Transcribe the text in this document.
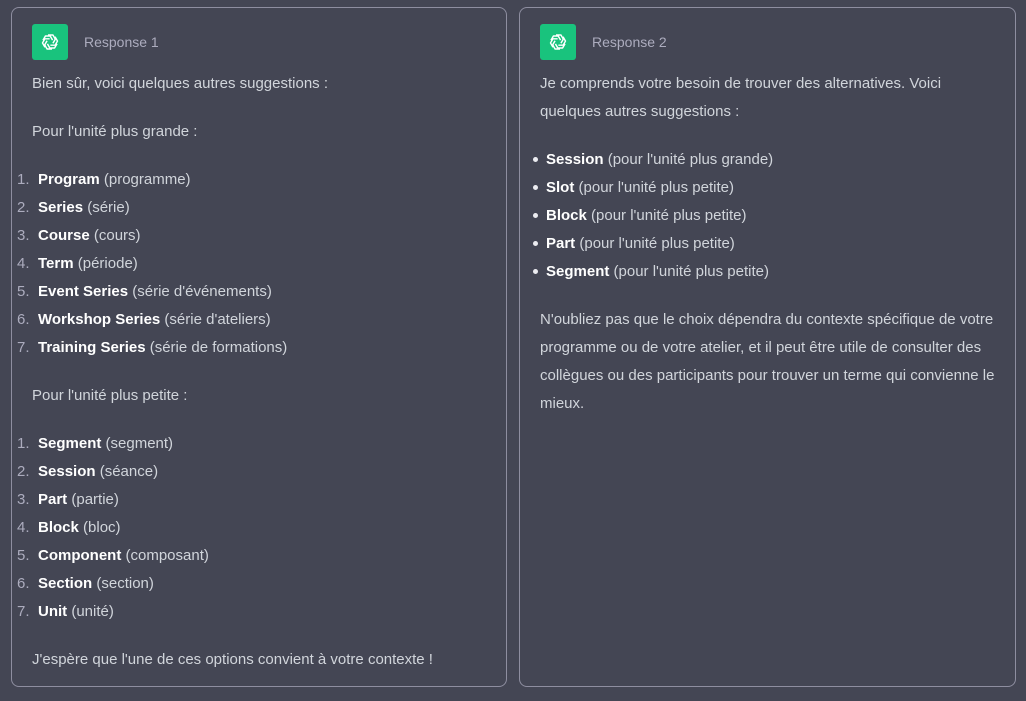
Response 1

Bien sûr, voici quelques autres suggestions :

Pour l'unité plus grande :

1. Program (programme)
2. Series (série)
3. Course (cours)
4. Term (période)
5. Event Series (série d'événements)
6. Workshop Series (série d'ateliers)
7. Training Series (série de formations)

Pour l'unité plus petite :

1. Segment (segment)
2. Session (séance)
3. Part (partie)
4. Block (bloc)
5. Component (composant)
6. Section (section)
7. Unit (unité)

J'espère que l'une de ces options convient à votre contexte !

Response 2

Je comprends votre besoin de trouver des alternatives. Voici quelques autres suggestions :

Session (pour l'unité plus grande)
Slot (pour l'unité plus petite)
Block (pour l'unité plus petite)
Part (pour l'unité plus petite)
Segment (pour l'unité plus petite)

N'oubliez pas que le choix dépendra du contexte spécifique de votre programme ou de votre atelier, et il peut être utile de consulter des collègues ou des participants pour trouver un terme qui convienne le mieux.
